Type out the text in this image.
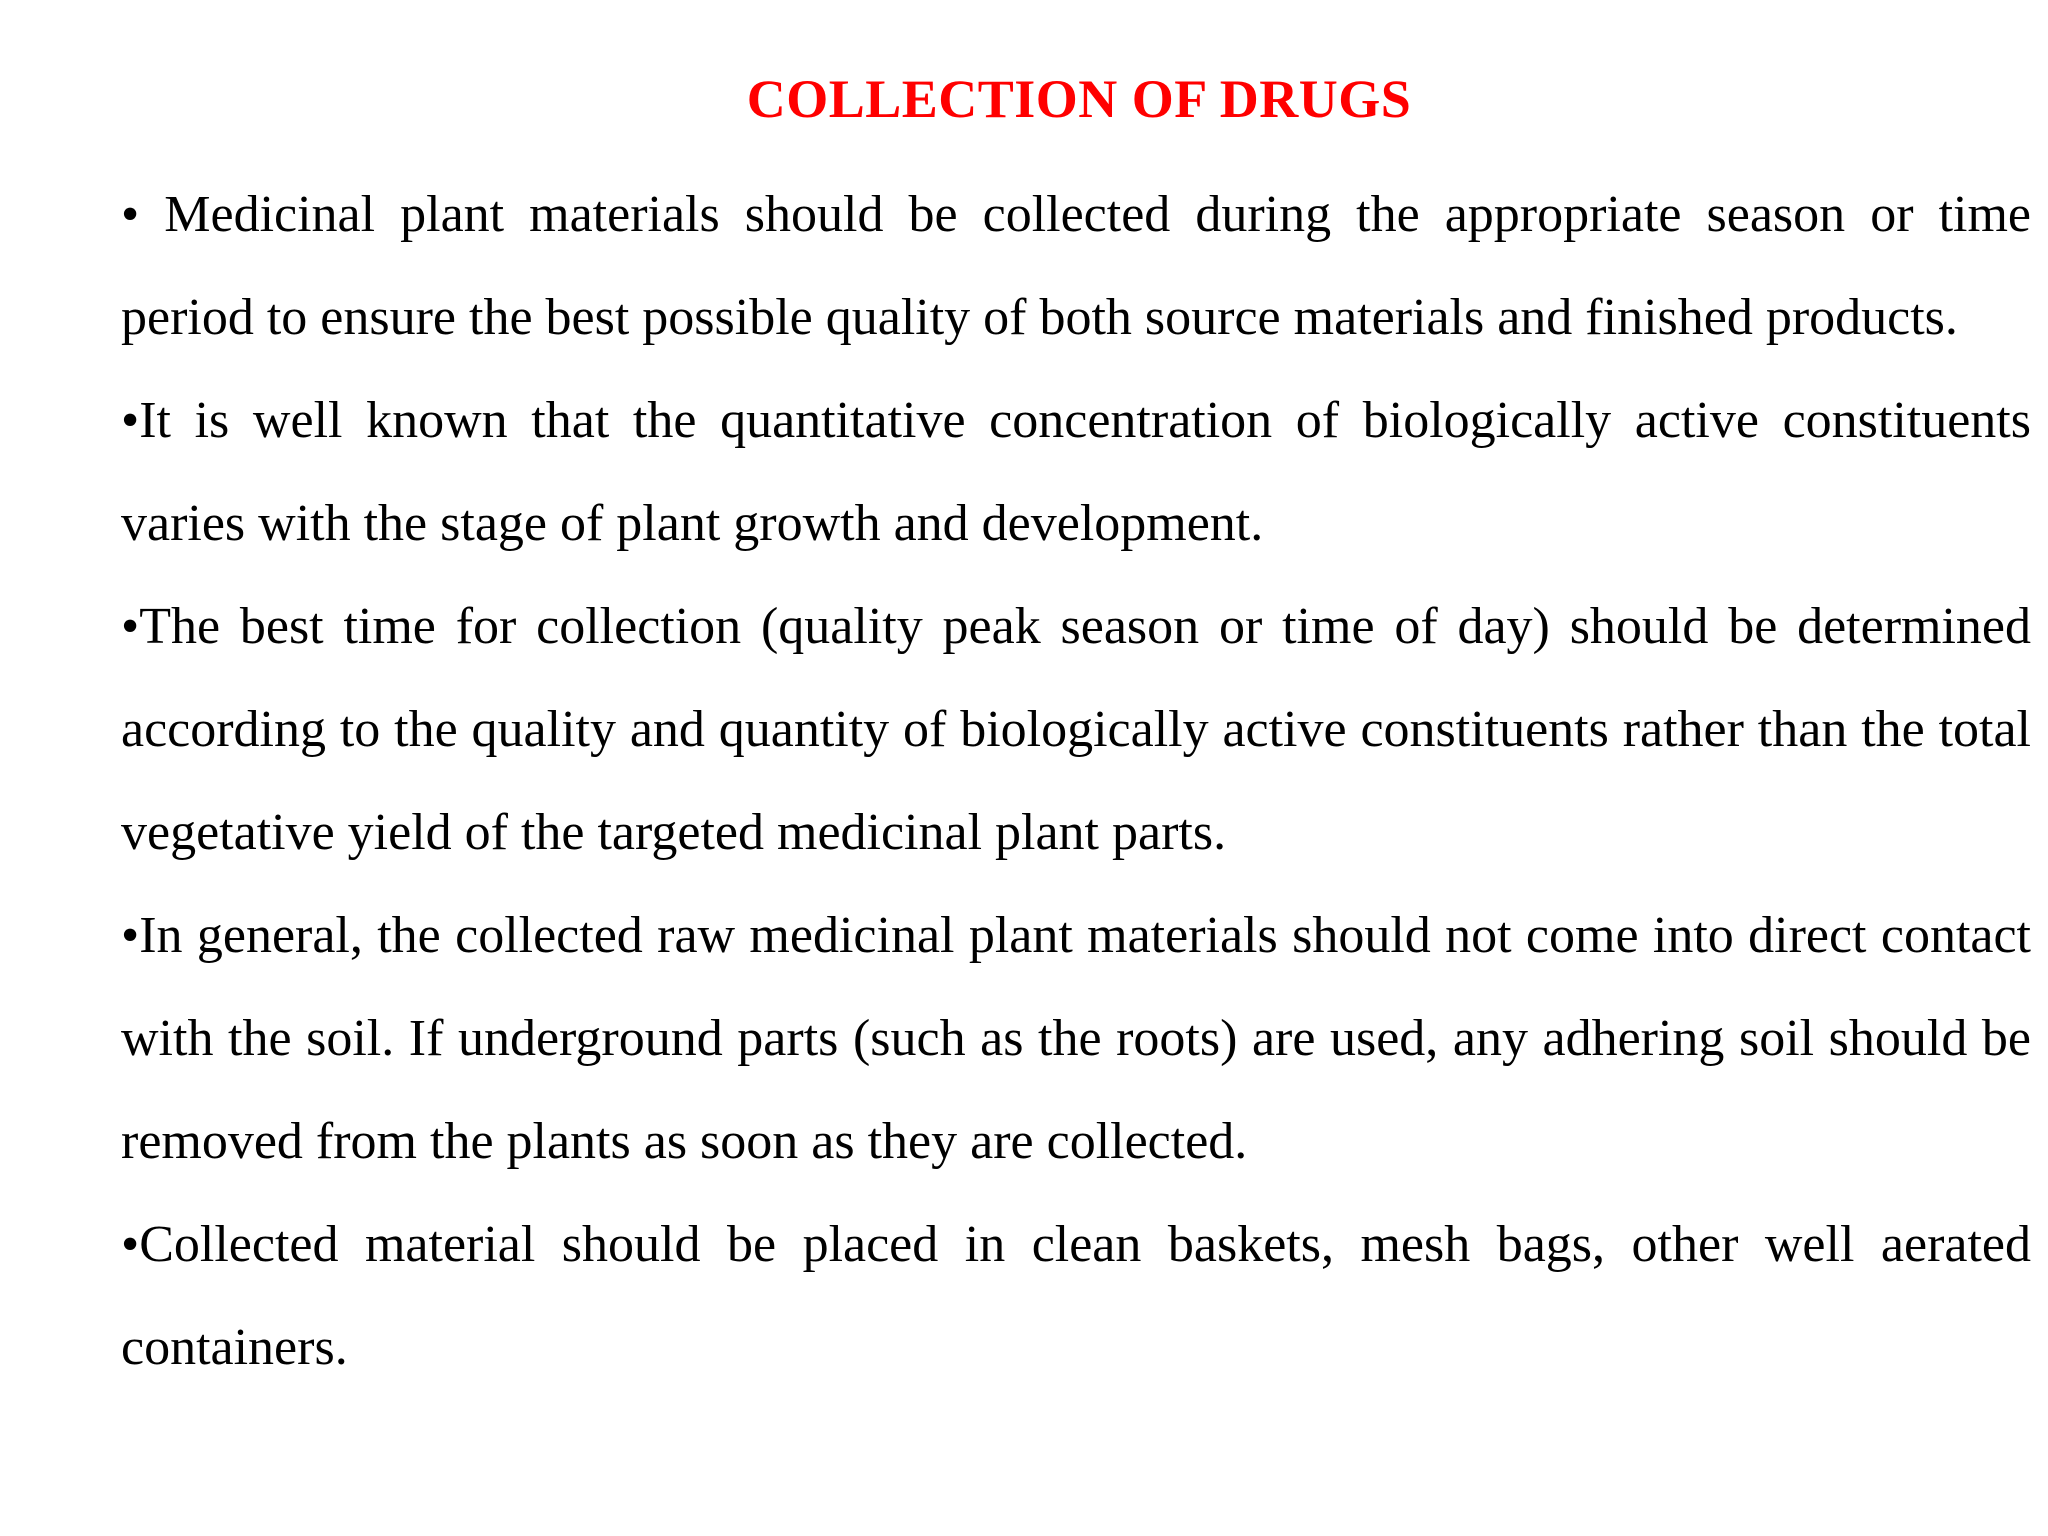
COLLECTION OF DRUGS

• Medicinal plant materials should be collected during the appropriate season or time period to ensure the best possible quality of both source materials and finished products.

•It is well known that the quantitative concentration of biologically active constituents varies with the stage of plant growth and development.

•The best time for collection (quality peak season or time of day) should be determined according to the quality and quantity of biologically active constituents rather than the total vegetative yield of the targeted medicinal plant parts.

•In general, the collected raw medicinal plant materials should not come into direct contact with the soil. If underground parts (such as the roots) are used, any adhering soil should be removed from the plants as soon as they are collected.

•Collected material should be placed in clean baskets, mesh bags, other well aerated containers.
